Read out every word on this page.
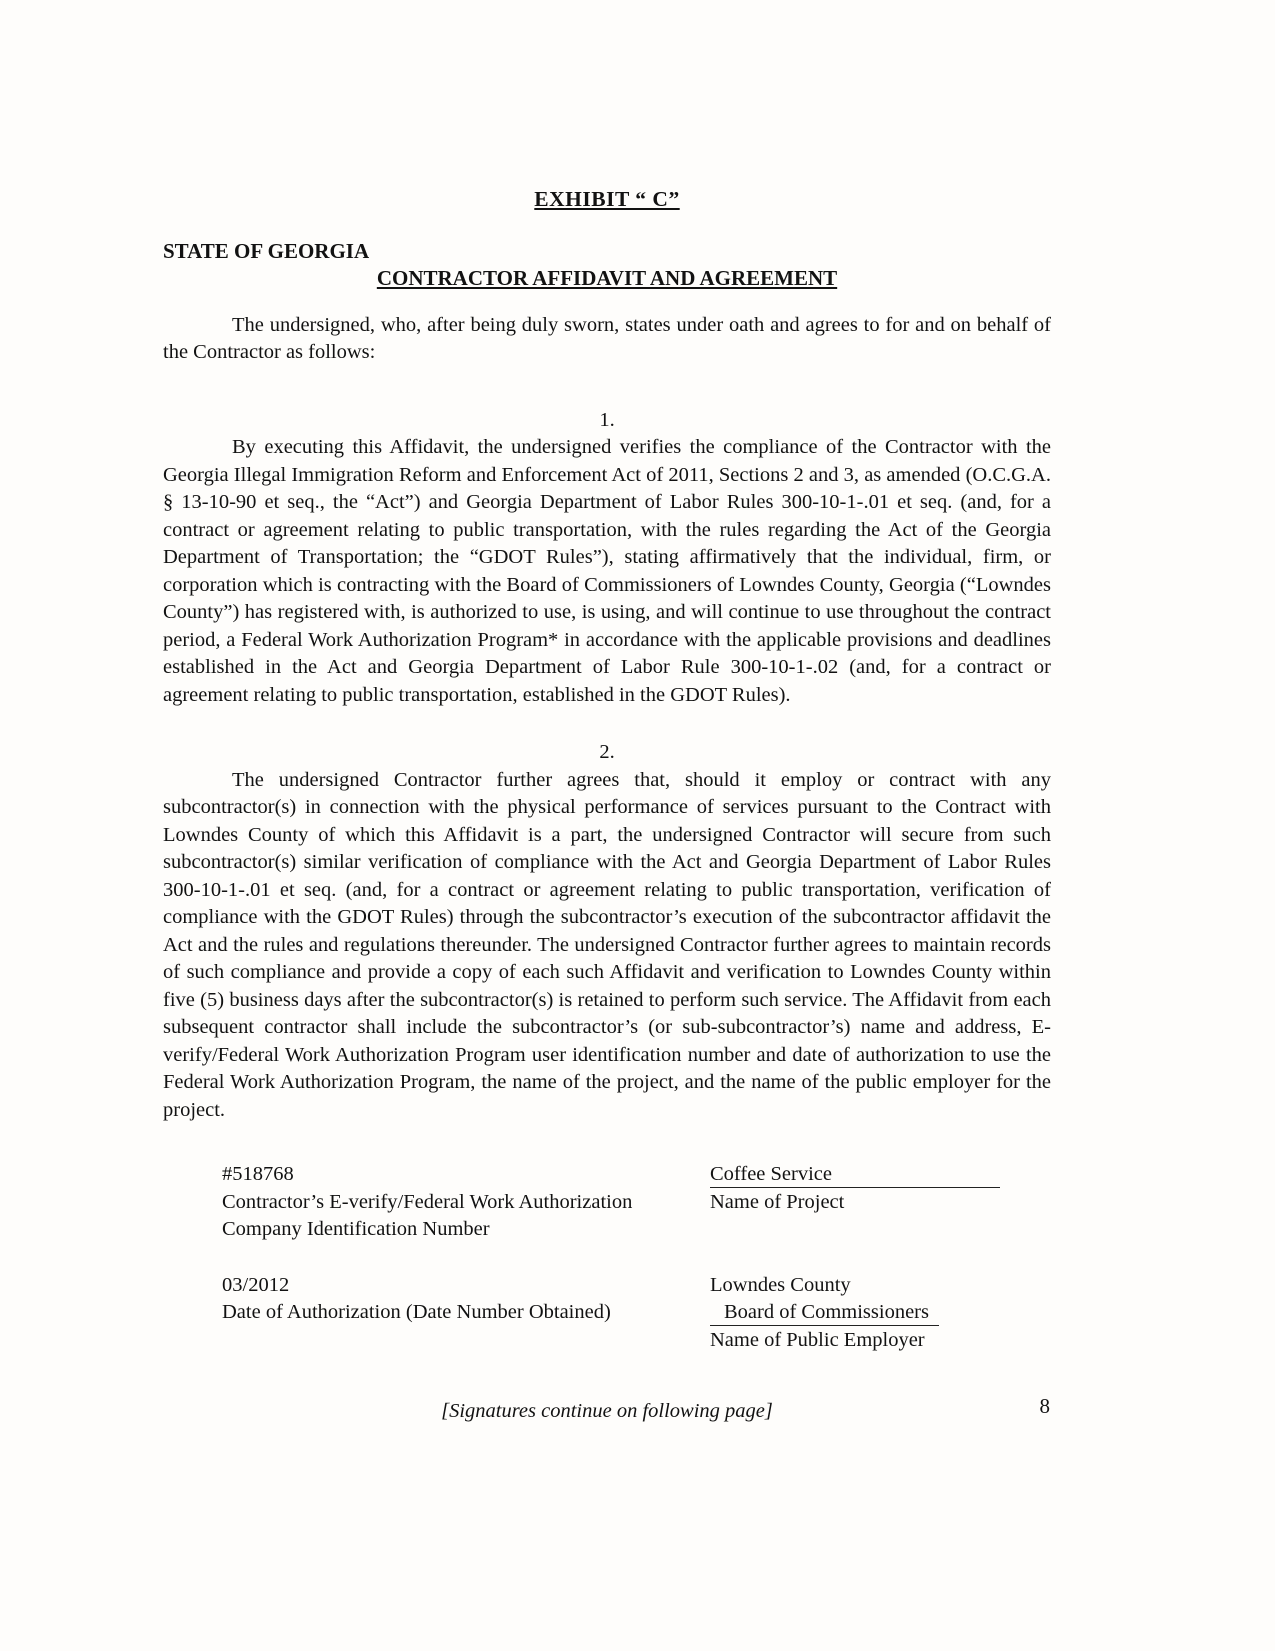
EXHIBIT “ C”
STATE OF GEORGIA
CONTRACTOR AFFIDAVIT AND AGREEMENT

The undersigned, who, after being duly sworn, states under oath and agrees to for and on behalf of the Contractor as follows:

1.

By executing this Affidavit, the undersigned verifies the compliance of the Contractor with the Georgia Illegal Immigration Reform and Enforcement Act of 2011, Sections 2 and 3, as amended (O.C.G.A. § 13-10-90 et seq., the “Act”) and Georgia Department of Labor Rules 300-10-1-.01 et seq. (and, for a contract or agreement relating to public transportation, with the rules regarding the Act of the Georgia Department of Transportation; the “GDOT Rules”), stating affirmatively that the individual, firm, or corporation which is contracting with the Board of Commissioners of Lowndes County, Georgia (“Lowndes County”) has registered with, is authorized to use, is using, and will continue to use throughout the contract period, a Federal Work Authorization Program* in accordance with the applicable provisions and deadlines established in the Act and Georgia Department of Labor Rule 300-10-1-.02 (and, for a contract or agreement relating to public transportation, established in the GDOT Rules).

2.

The undersigned Contractor further agrees that, should it employ or contract with any subcontractor(s) in connection with the physical performance of services pursuant to the Contract with Lowndes County of which this Affidavit is a part, the undersigned Contractor will secure from such subcontractor(s) similar verification of compliance with the Act and Georgia Department of Labor Rules 300-10-1-.01 et seq. (and, for a contract or agreement relating to public transportation, verification of compliance with the GDOT Rules) through the subcontractor’s execution of the subcontractor affidavit the Act and the rules and regulations thereunder. The undersigned Contractor further agrees to maintain records of such compliance and provide a copy of each such Affidavit and verification to Lowndes County within five (5) business days after the subcontractor(s) is retained to perform such service. The Affidavit from each subsequent contractor shall include the subcontractor’s (or sub-subcontractor’s) name and address, E-verify/Federal Work Authorization Program user identification number and date of authorization to use the Federal Work Authorization Program, the name of the project, and the name of the public employer for the project.

#518768
Contractor’s E-verify/Federal Work Authorization
Company Identification Number
Coffee Service
Name of Project
03/2012
Date of Authorization (Date Number Obtained)
Lowndes County
Board of Commissioners
Name of Public Employer
[Signatures continue on following page]	8
